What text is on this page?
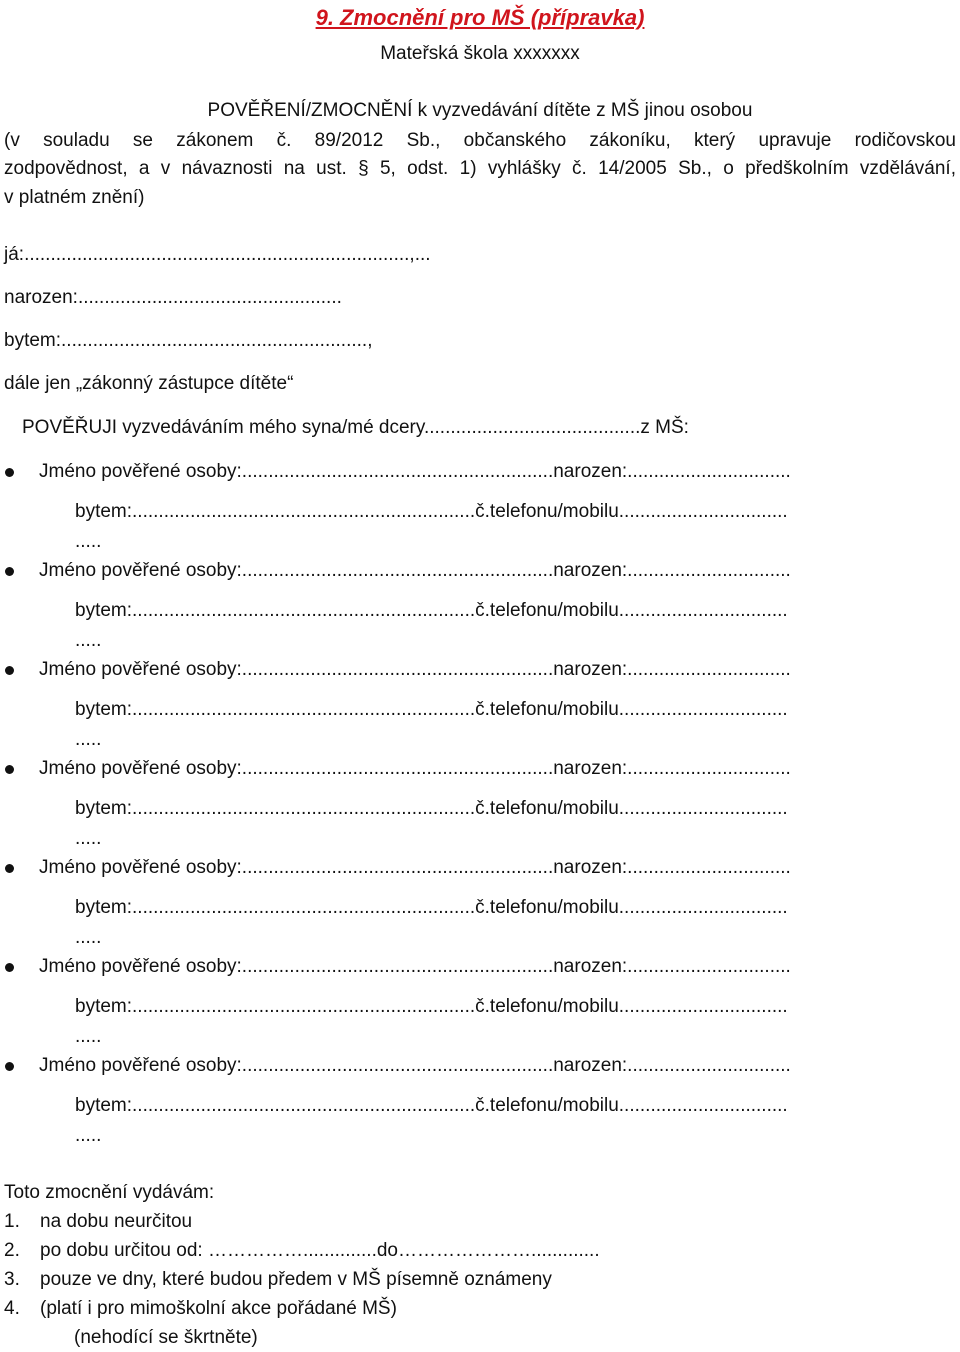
9. Zmocnění pro MŠ (přípravka)
Mateřská škola xxxxxxx
POVĚŘENÍ/ZMOCNĚNÍ k vyzvedávání dítěte z MŠ jinou osobou
(v souladu se zákonem č. 89/2012 Sb., občanského zákoníku, který upravuje rodičovskou
zodpovědnost, a v návaznosti na ust. § 5, odst. 1) vyhlášky č. 14/2005 Sb., o předškolním vzdělávání,
v platném znění)
já:.........................................................................,...
narozen:..................................................
bytem:..........................................................,
dále jen „zákonný zástupce dítěte“
POVĚŘUJI vyzvedáváním mého syna/mé dcery.........................................z MŠ:
Jméno pověřené osoby:...........................................................narozen:...............................
bytem:.................................................................č.telefonu/mobilu................................
.....
Jméno pověřené osoby:...........................................................narozen:...............................
bytem:.................................................................č.telefonu/mobilu................................
.....
Jméno pověřené osoby:...........................................................narozen:...............................
bytem:.................................................................č.telefonu/mobilu................................
.....
Jméno pověřené osoby:...........................................................narozen:...............................
bytem:.................................................................č.telefonu/mobilu................................
.....
Jméno pověřené osoby:...........................................................narozen:...............................
bytem:.................................................................č.telefonu/mobilu................................
.....
Jméno pověřené osoby:...........................................................narozen:...............................
bytem:.................................................................č.telefonu/mobilu................................
.....
Jméno pověřené osoby:...........................................................narozen:...............................
bytem:.................................................................č.telefonu/mobilu................................
.....
Toto zmocnění vydávám:
1. na dobu neurčitou
2. po dobu určitou od: ……………..............do………………….............
3. pouze ve dny, které budou předem v MŠ písemně oznámeny
4. (platí i pro mimoškolní akce pořádané MŠ)
(nehodící se škrtněte)
